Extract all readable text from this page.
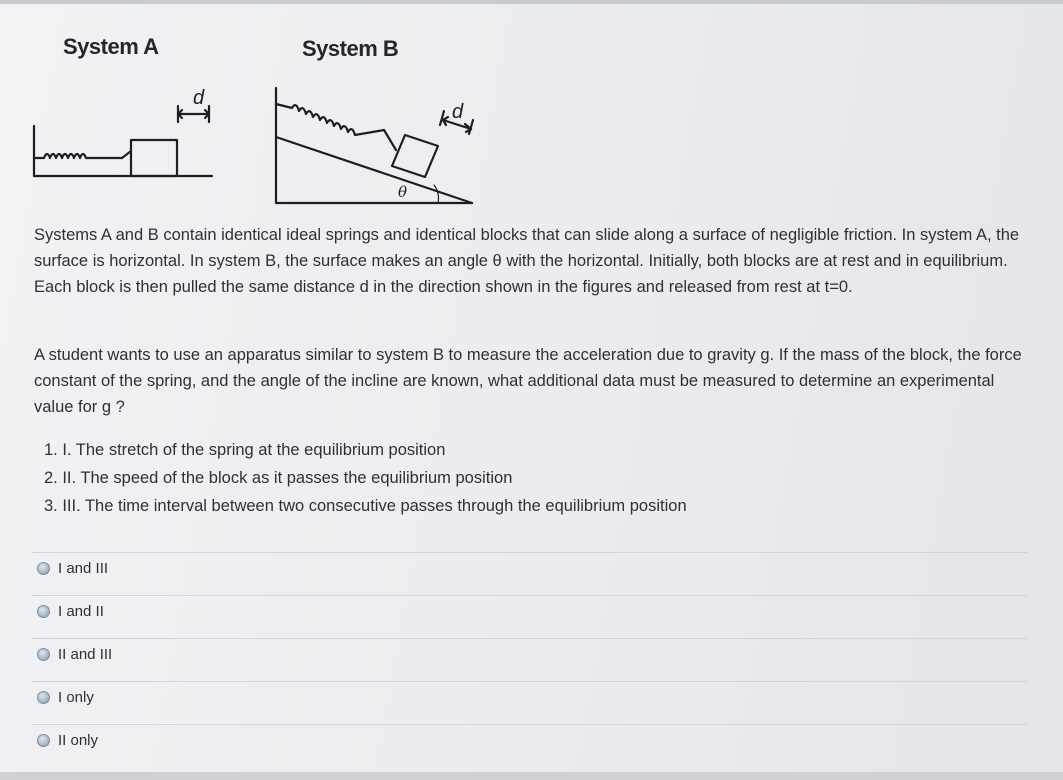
System A	System B
d
d
θ
Systems A and B contain identical ideal springs and identical blocks that can slide along a surface of negligible friction. In system A, the surface is horizontal. In system B, the surface makes an angle θ with the horizontal. Initially, both blocks are at rest and in equilibrium. Each block is then pulled the same distance d in the direction shown in the figures and released from rest at t=0.
A student wants to use an apparatus similar to system B to measure the acceleration due to gravity g. If the mass of the block, the force constant of the spring, and the angle of the incline are known, what additional data must be measured to determine an experimental value for g ?
1. I. The stretch of the spring at the equilibrium position
2. II. The speed of the block as it passes the equilibrium position
3. III. The time interval between two consecutive passes through the equilibrium position
I and III
I and II
II and III
I only
II only
